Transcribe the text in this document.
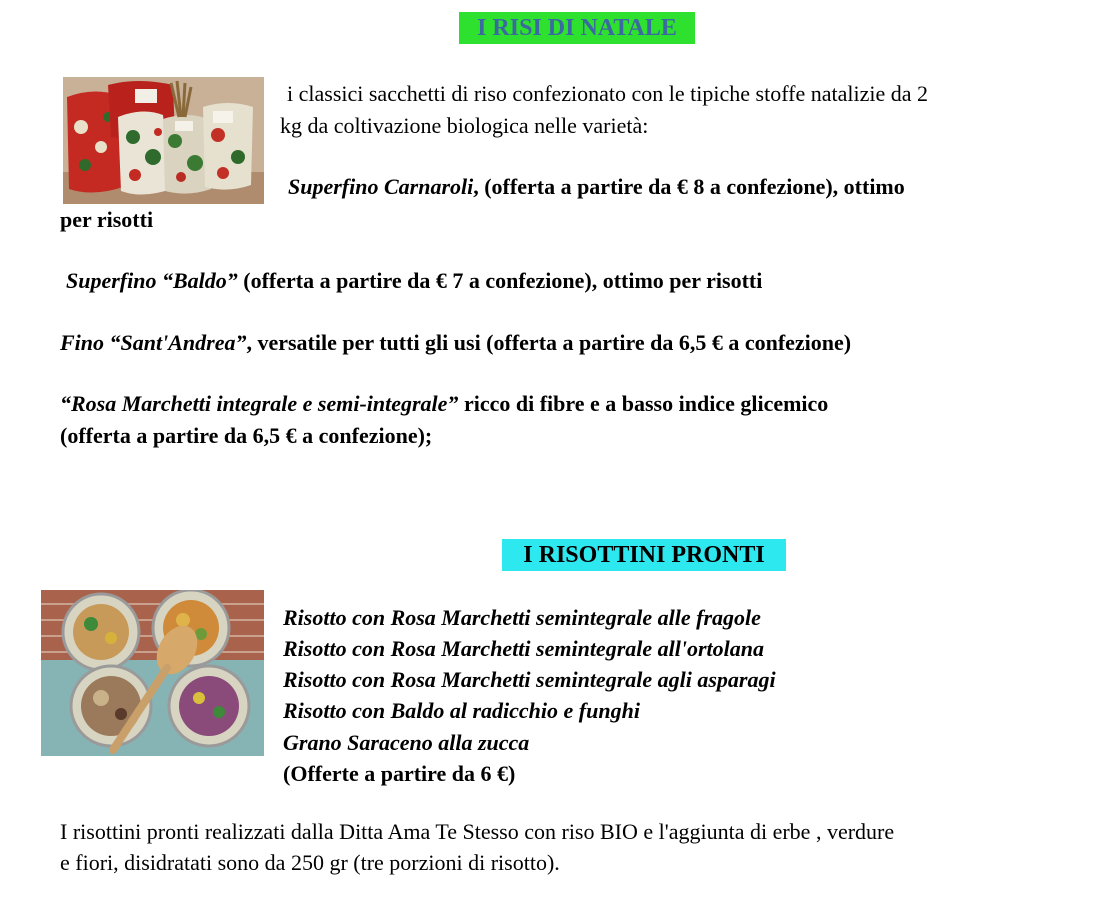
I RISI DI NATALE
i classici sacchetti di riso confezionato con le tipiche stoffe natalizie da 2
kg da coltivazione biologica nelle varietà:
Superfino Carnaroli, (offerta a partire da € 8 a confezione), ottimo
per risotti
Superfino “Baldo” (offerta a partire da € 7 a confezione), ottimo per risotti
Fino “Sant'Andrea”, versatile per tutti gli usi (offerta a partire da 6,5 € a confezione)
“Rosa Marchetti integrale e semi-integrale” ricco di fibre e a basso indice glicemico
(offerta a partire da 6,5 € a confezione);
I RISOTTINI PRONTI
Risotto con Rosa Marchetti semintegrale alle fragole
Risotto con Rosa Marchetti semintegrale all'ortolana
Risotto con Rosa Marchetti semintegrale agli asparagi
Risotto con Baldo al radicchio e funghi
Grano Saraceno alla zucca
(Offerte a partire da 6 €)
I risottini pronti realizzati dalla Ditta Ama Te Stesso con riso BIO e l'aggiunta di erbe , verdure
e fiori, disidratati sono da 250 gr (tre porzioni di risotto).
